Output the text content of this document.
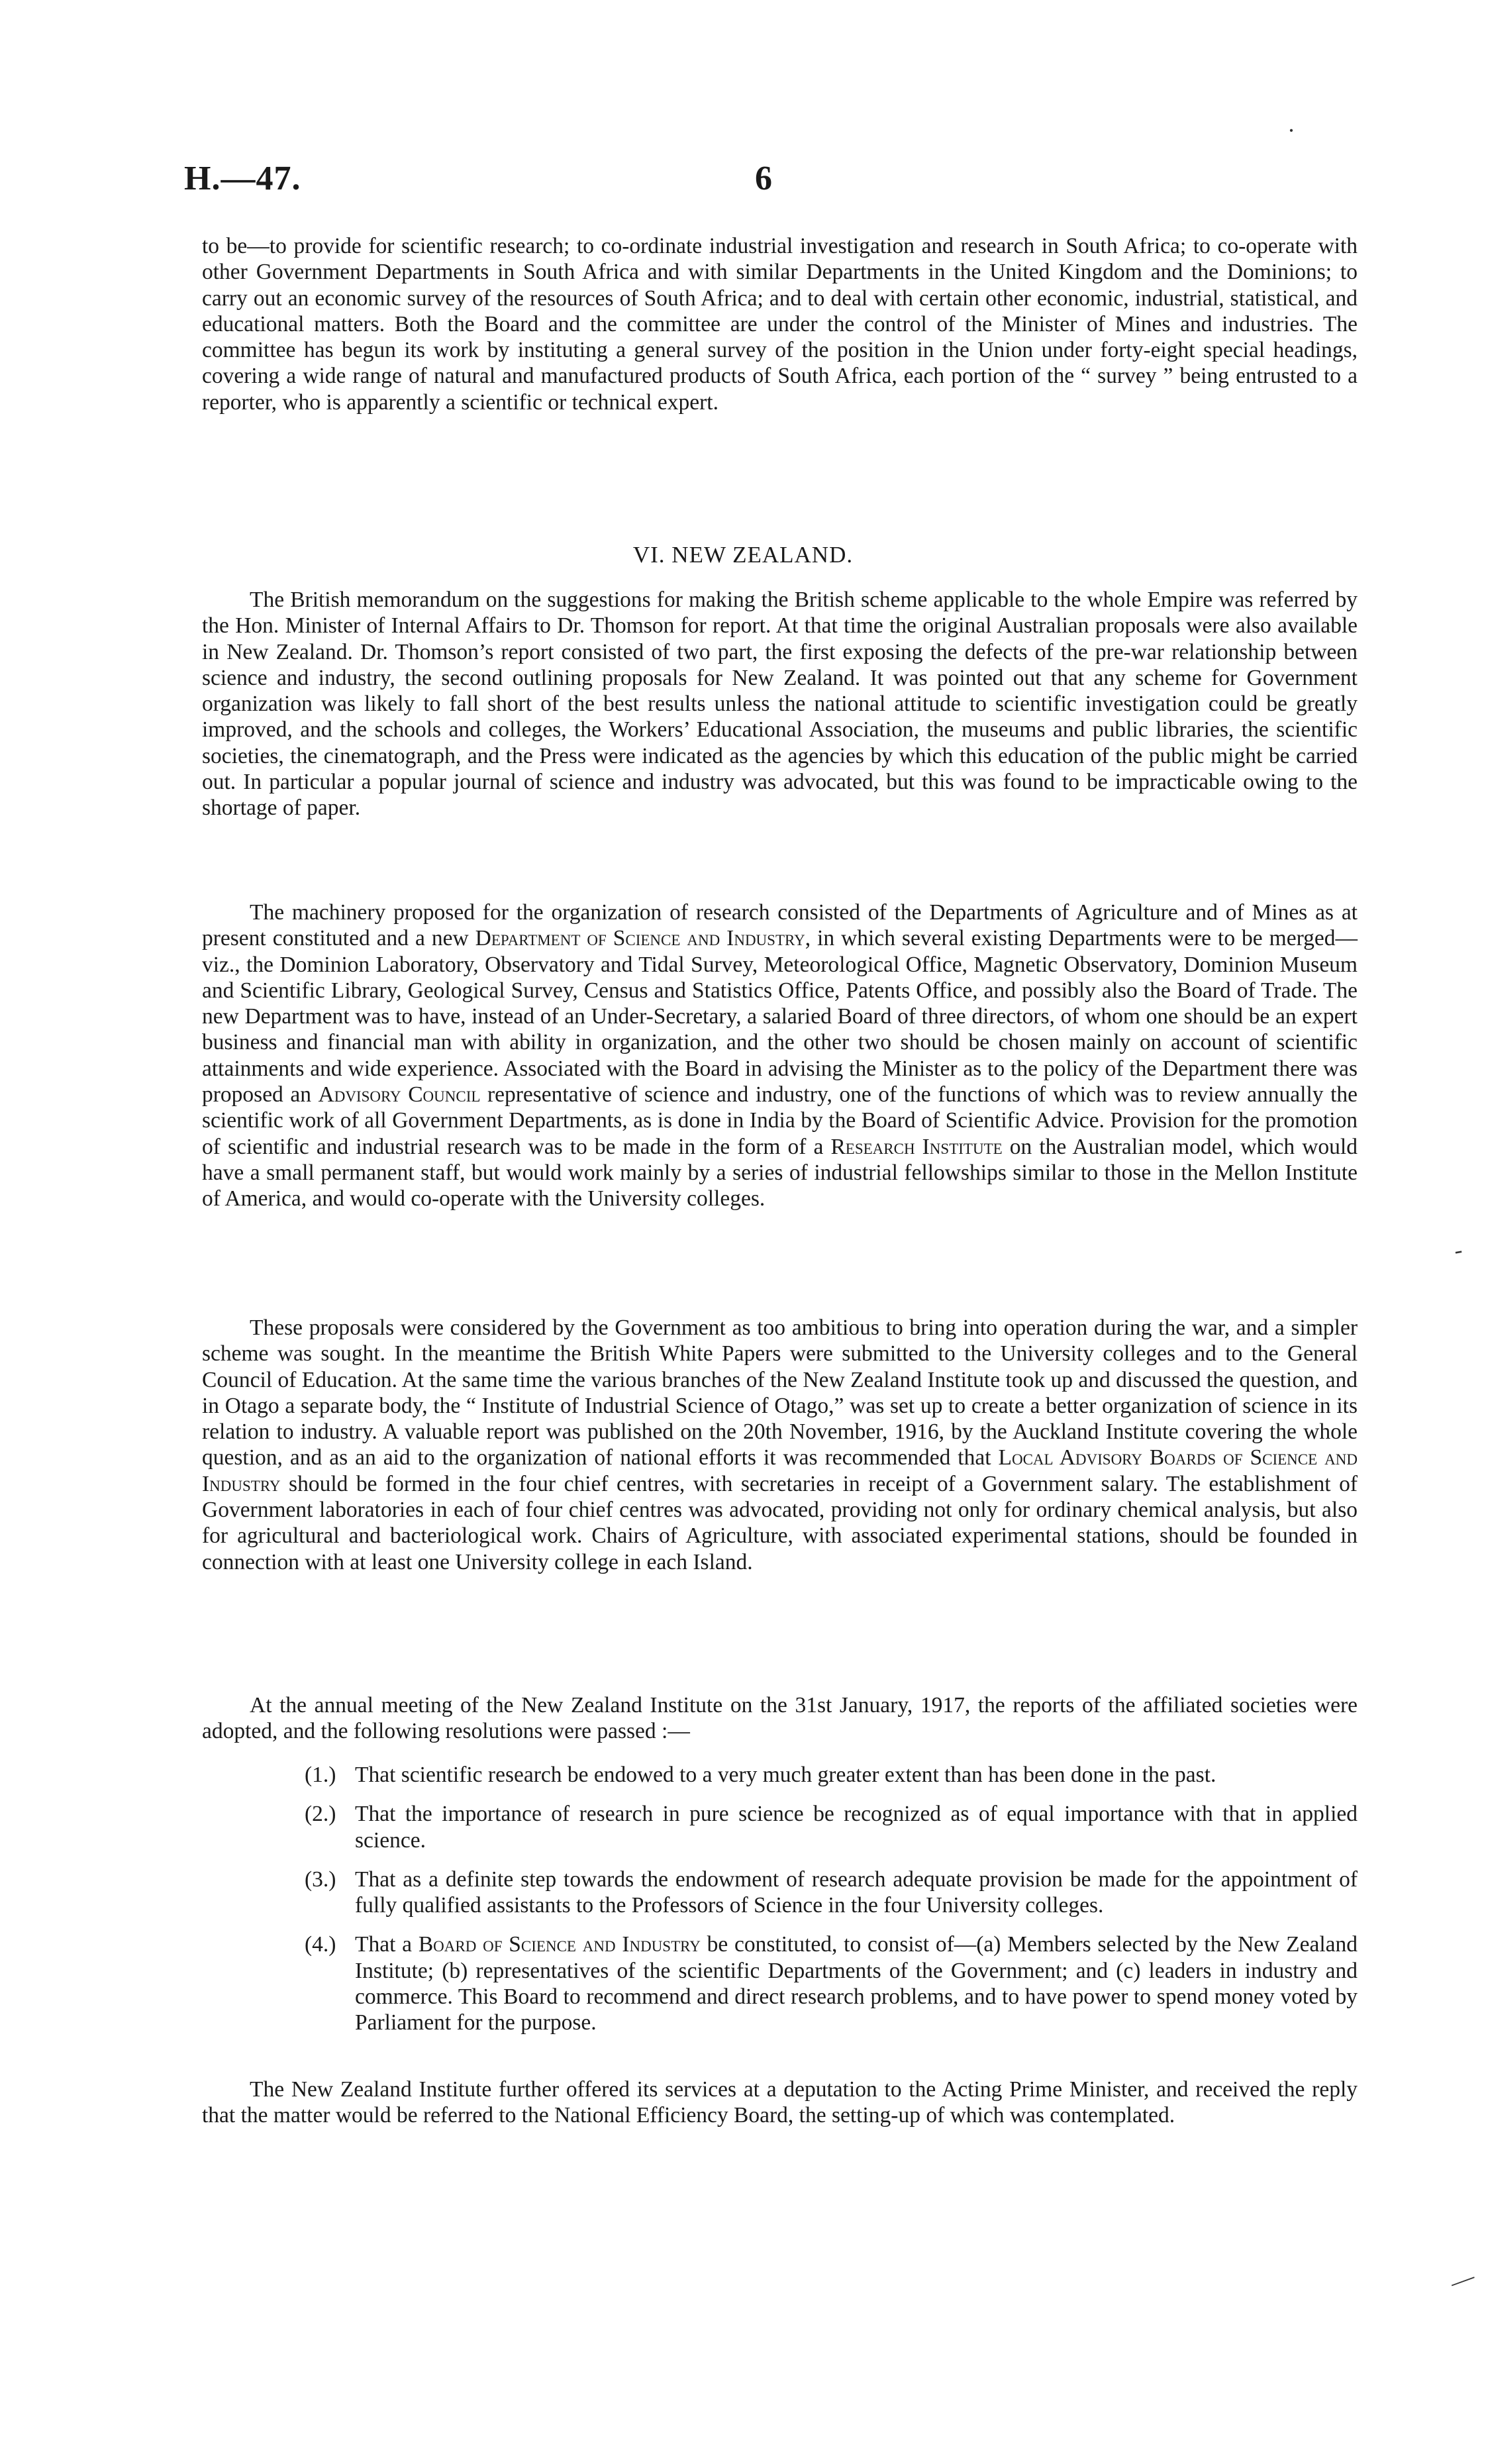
H.—47.	6

to be—to provide for scientific research; to co-ordinate industrial investigation and research in South Africa; to co-operate with other Government Departments in South Africa and with similar Departments in the United Kingdom and the Dominions; to carry out an economic survey of the resources of South Africa; and to deal with certain other economic, industrial, statistical, and educational matters. Both the Board and the committee are under the control of the Minister of Mines and industries. The committee has begun its work by instituting a general survey of the position in the Union under forty-eight special headings, covering a wide range of natural and manufactured products of South Africa, each portion of the “ survey ” being entrusted to a reporter, who is apparently a scientific or technical expert.

VI. NEW ZEALAND.

The British memorandum on the suggestions for making the British scheme applicable to the whole Empire was referred by the Hon. Minister of Internal Affairs to Dr. Thomson for report. At that time the original Australian proposals were also available in New Zealand. Dr. Thomson’s report consisted of two part, the first exposing the defects of the pre-war relationship between science and industry, the second outlining proposals for New Zealand. It was pointed out that any scheme for Government organization was likely to fall short of the best results unless the national attitude to scientific investigation could be greatly improved, and the schools and colleges, the Workers’ Educational Association, the museums and public libraries, the scientific societies, the cinematograph, and the Press were indicated as the agencies by which this education of the public might be carried out. In particular a popular journal of science and industry was advocated, but this was found to be impracticable owing to the shortage of paper.

The machinery proposed for the organization of research consisted of the Departments of Agriculture and of Mines as at present constituted and a new Department of Science and Industry, in which several existing Departments were to be merged—viz., the Dominion Laboratory, Observatory and Tidal Survey, Meteorological Office, Magnetic Observatory, Dominion Museum and Scientific Library, Geological Survey, Census and Statistics Office, Patents Office, and possibly also the Board of Trade. The new Department was to have, instead of an Under-Secretary, a salaried Board of three directors, of whom one should be an expert business and financial man with ability in organization, and the other two should be chosen mainly on account of scientific attainments and wide experience. Associated with the Board in advising the Minister as to the policy of the Department there was proposed an Advisory Council representative of science and industry, one of the functions of which was to review annually the scientific work of all Government Departments, as is done in India by the Board of Scientific Advice. Provision for the promotion of scientific and industrial research was to be made in the form of a Research Institute on the Australian model, which would have a small permanent staff, but would work mainly by a series of industrial fellowships similar to those in the Mellon Institute of America, and would co-operate with the University colleges.

These proposals were considered by the Government as too ambitious to bring into operation during the war, and a simpler scheme was sought. In the meantime the British White Papers were submitted to the University colleges and to the General Council of Education. At the same time the various branches of the New Zealand Institute took up and discussed the question, and in Otago a separate body, the “ Institute of Industrial Science of Otago,” was set up to create a better organization of science in its relation to industry. A valuable report was published on the 20th November, 1916, by the Auckland Institute covering the whole question, and as an aid to the organization of national efforts it was recommended that Local Advisory Boards of Science and Industry should be formed in the four chief centres, with secretaries in receipt of a Government salary. The establishment of Government laboratories in each of four chief centres was advocated, providing not only for ordinary chemical analysis, but also for agricultural and bacteriological work. Chairs of Agriculture, with associated experimental stations, should be founded in connection with at least one University college in each Island.

At the annual meeting of the New Zealand Institute on the 31st January, 1917, the reports of the affiliated societies were adopted, and the following resolutions were passed :—

(1.) That scientific research be endowed to a very much greater extent than has been done in the past.
(2.) That the importance of research in pure science be recognized as of equal importance with that in applied science.
(3.) That as a definite step towards the endowment of research adequate provision be made for the appointment of fully qualified assistants to the Professors of Science in the four University colleges.
(4.) That a Board of Science and Industry be constituted, to consist of—(a) Members selected by the New Zealand Institute; (b) representatives of the scientific Departments of the Government; and (c) leaders in industry and commerce. This Board to recommend and direct research problems, and to have power to spend money voted by Parliament for the purpose.

The New Zealand Institute further offered its services at a deputation to the Acting Prime Minister, and received the reply that the matter would be referred to the National Efficiency Board, the setting-up of which was contemplated.

·
-
—
